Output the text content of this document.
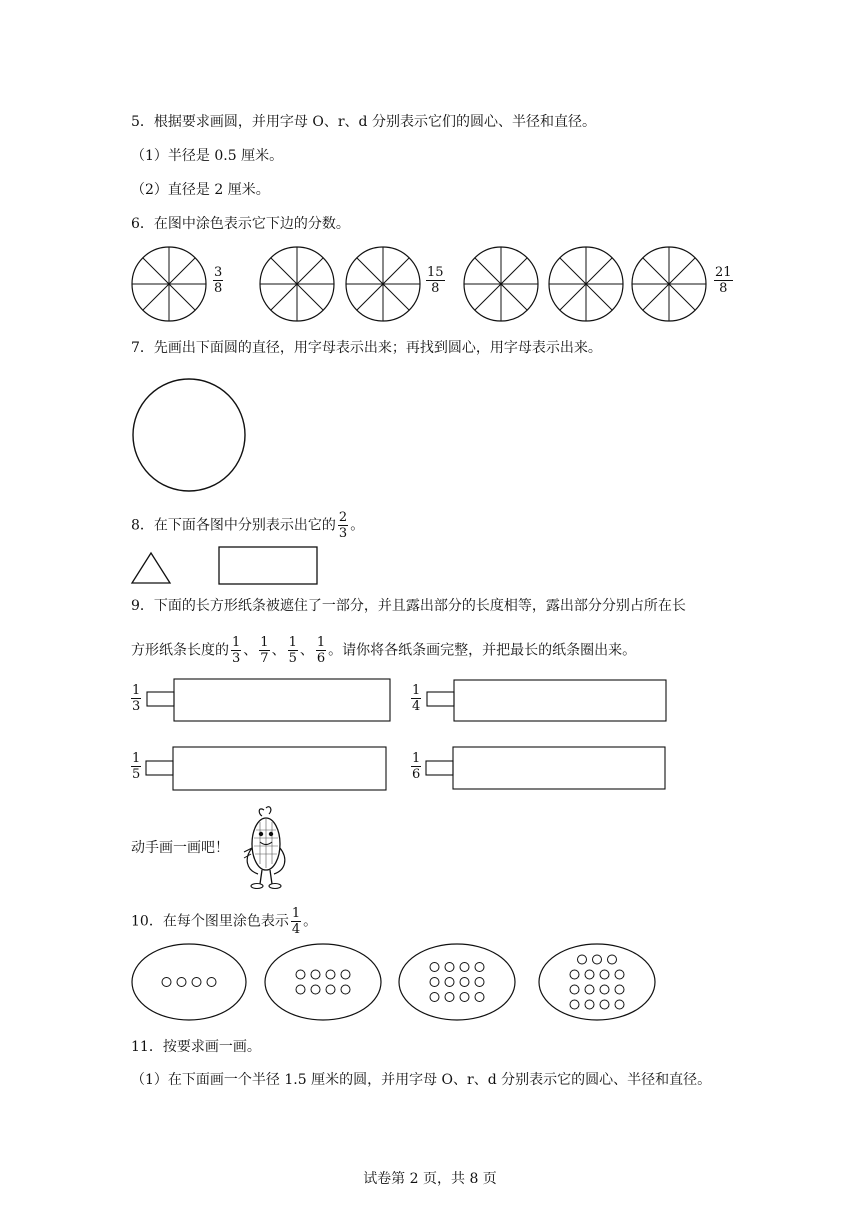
5．根据要求画圆，并用字母 O、r、d 分别表示它们的圆心、半径和直径。
（1）半径是 0.5 厘米。
（2）直径是 2 厘米。
6．在图中涂色表示它下边的分数。
$\frac{3}{8}$	$\frac{15}{8}$	$\frac{21}{8}$
7．先画出下面圆的直径，用字母表示出来；再找到圆心，用字母表示出来。
8．在下面各图中分别表示出它的 $\frac{2}{3}$ 。
9．下面的长方形纸条被遮住了一部分，并且露出部分的长度相等，露出部分分别占所在长
方形纸条长度的 $\frac{1}{3}$ 、 $\frac{1}{7}$ 、 $\frac{1}{5}$ 、 $\frac{1}{6}$ 。请你将各纸条画完整，并把最长的纸条圈出来。
$\frac{1}{3}$	$\frac{1}{4}$
$\frac{1}{5}$	$\frac{1}{6}$
动手画一画吧！
10．在每个图里涂色表示 $\frac{1}{4}$ 。
11．按要求画一画。
（1）在下面画一个半径 1.5 厘米的圆，并用字母 O、r、d 分别表示它的圆心、半径和直径。
试卷第 2 页，共 8 页
